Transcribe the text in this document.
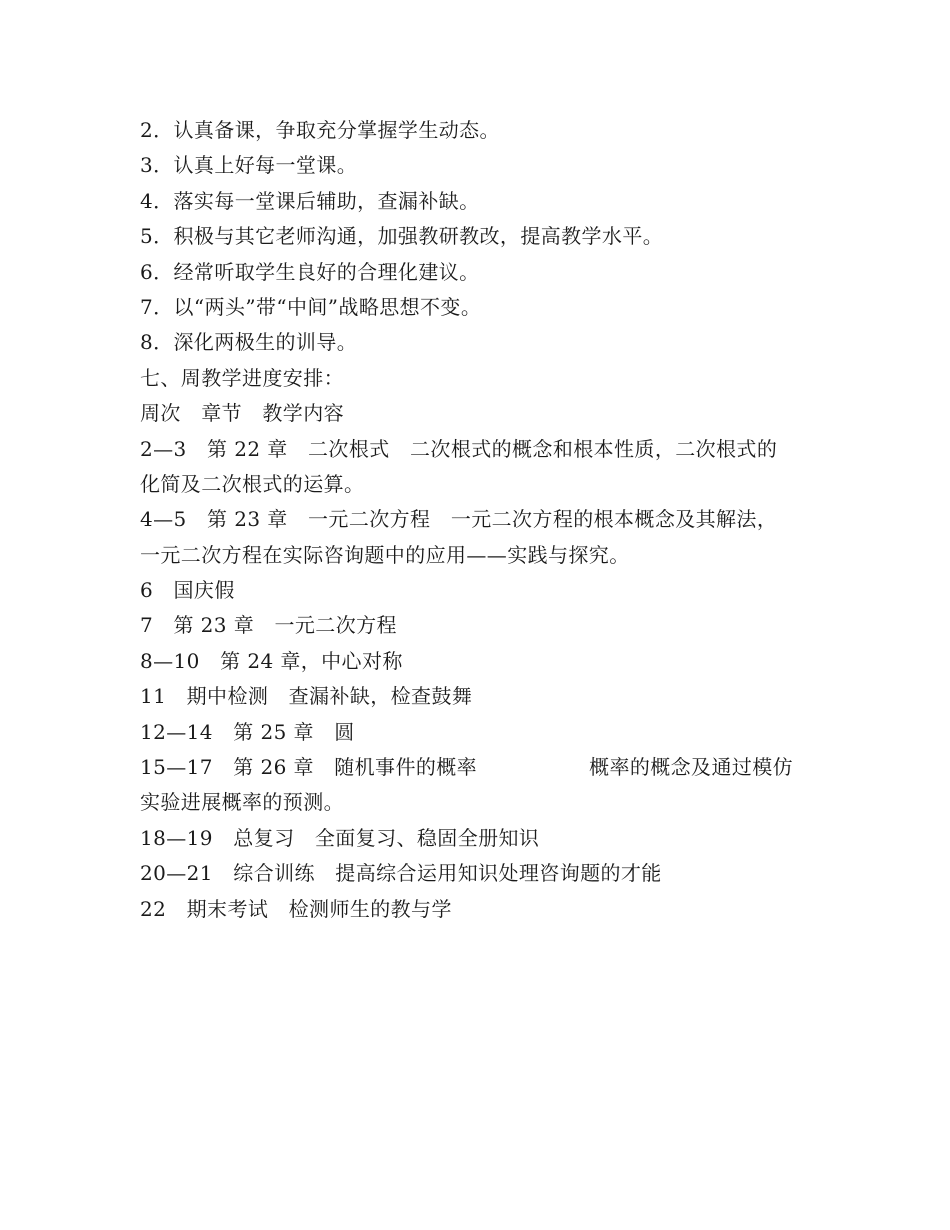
2．认真备课，争取充分掌握学生动态。
3．认真上好每一堂课。
4．落实每一堂课后辅助，查漏补缺。
5．积极与其它老师沟通，加强教研教改，提高教学水平。
6．经常听取学生良好的合理化建议。
7．以“两头”带“中间”战略思想不变。
8．深化两极生的训导。
七、周教学进度安排：
周次　章节　教学内容
2—3　第 22 章　二次根式　二次根式的概念和根本性质，二次根式的
化简及二次根式的运算。
4—5　第 23 章　一元二次方程　一元二次方程的根本概念及其解法，
一元二次方程在实际咨询题中的应用——实践与探究。
6　国庆假
7　第 23 章　一元二次方程
8—10　第 24 章，中心对称
11　期中检测　查漏补缺，检查鼓舞
12—14　第 25 章　圆
15—17　第 26 章　随机事件的概率	概率的概念及通过模仿
实验进展概率的预测。
18—19　总复习　全面复习、稳固全册知识
20—21　综合训练　提高综合运用知识处理咨询题的才能
22　期末考试　检测师生的教与学
